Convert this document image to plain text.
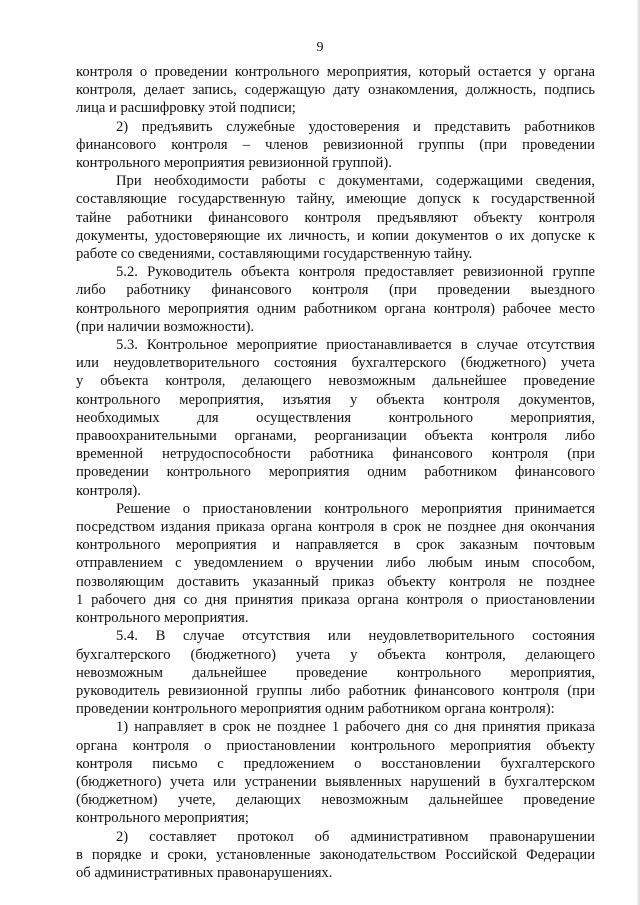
9
контроля о проведении контрольного мероприятия, который остается у органа
контроля, делает запись, содержащую дату ознакомления, должность, подпись
лица и расшифровку этой подписи;
2) предъявить служебные удостоверения и представить работников
финансового контроля – членов ревизионной группы (при проведении
контрольного мероприятия ревизионной группой).
При необходимости работы с документами, содержащими сведения,
составляющие государственную тайну, имеющие допуск к государственной
тайне работники финансового контроля предъявляют объекту контроля
документы, удостоверяющие их личность, и копии документов о их допуске к
работе со сведениями, составляющими государственную тайну.
5.2. Руководитель объекта контроля предоставляет ревизионной группе
либо работнику финансового контроля (при проведении выездного
контрольного мероприятия одним работником органа контроля) рабочее место
(при наличии возможности).
5.3. Контрольное мероприятие приостанавливается в случае отсутствия
или неудовлетворительного состояния бухгалтерского (бюджетного) учета
у объекта контроля, делающего невозможным дальнейшее проведение
контрольного мероприятия, изъятия у объекта контроля документов,
необходимых для осуществления контрольного мероприятия,
правоохранительными органами, реорганизации объекта контроля либо
временной нетрудоспособности работника финансового контроля (при
проведении контрольного мероприятия одним работником финансового
контроля).
Решение о приостановлении контрольного мероприятия принимается
посредством издания приказа органа контроля в срок не позднее дня окончания
контрольного мероприятия и направляется в срок заказным почтовым
отправлением с уведомлением о вручении либо любым иным способом,
позволяющим доставить указанный приказ объекту контроля не позднее
1 рабочего дня со дня принятия приказа органа контроля о приостановлении
контрольного мероприятия.
5.4. В случае отсутствия или неудовлетворительного состояния
бухгалтерского (бюджетного) учета у объекта контроля, делающего
невозможным дальнейшее проведение контрольного мероприятия,
руководитель ревизионной группы либо работник финансового контроля (при
проведении контрольного мероприятия одним работником органа контроля):
1) направляет в срок не позднее 1 рабочего дня со дня принятия приказа
органа контроля о приостановлении контрольного мероприятия объекту
контроля письмо с предложением о восстановлении бухгалтерского
(бюджетного) учета или устранении выявленных нарушений в бухгалтерском
(бюджетном) учете, делающих невозможным дальнейшее проведение
контрольного мероприятия;
2) составляет протокол об административном правонарушении
в порядке и сроки, установленные законодательством Российской Федерации
об административных правонарушениях.
